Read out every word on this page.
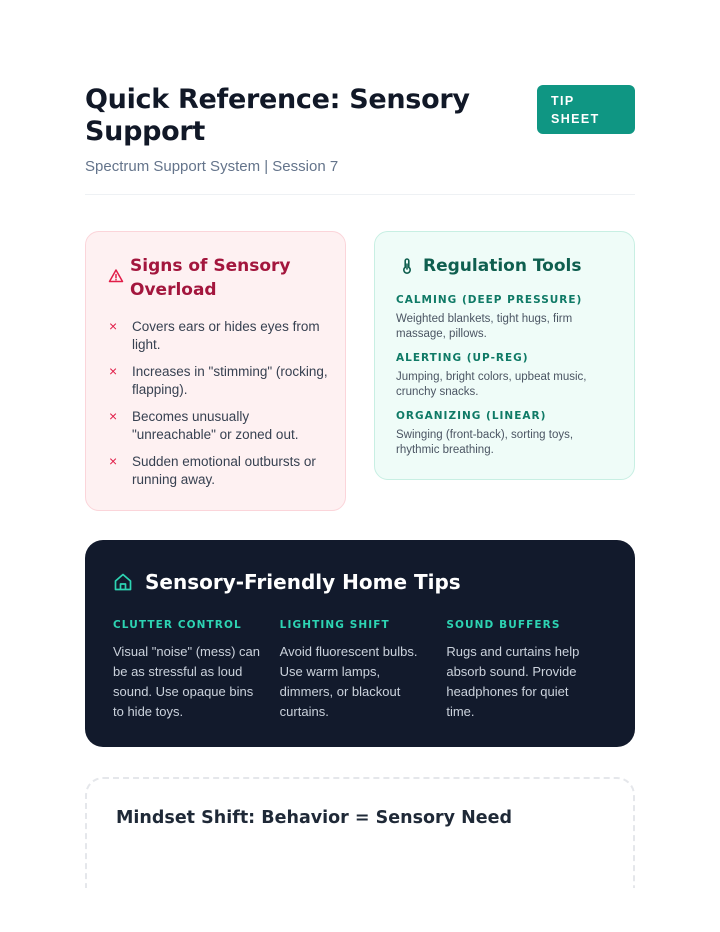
Quick Reference: Sensory Support
Spectrum Support System | Session 7
TIP
SHEET
Signs of Sensory Overload
×	Covers ears or hides eyes from light.
×	Increases in "stimming" (rocking, flapping).
×	Becomes unusually "unreachable" or zoned out.
×	Sudden emotional outbursts or running away.
Regulation Tools
CALMING (DEEP PRESSURE)
Weighted blankets, tight hugs, firm massage, pillows.
ALERTING (UP-REG)
Jumping, bright colors, upbeat music, crunchy snacks.
ORGANIZING (LINEAR)
Swinging (front-back), sorting toys, rhythmic breathing.
Sensory-Friendly Home Tips
CLUTTER CONTROL
Visual "noise" (mess) can be as stressful as loud sound. Use opaque bins to hide toys.
LIGHTING SHIFT
Avoid fluorescent bulbs. Use warm lamps, dimmers, or blackout curtains.
SOUND BUFFERS
Rugs and curtains help absorb sound. Provide headphones for quiet time.
Mindset Shift: Behavior = Sensory Need
